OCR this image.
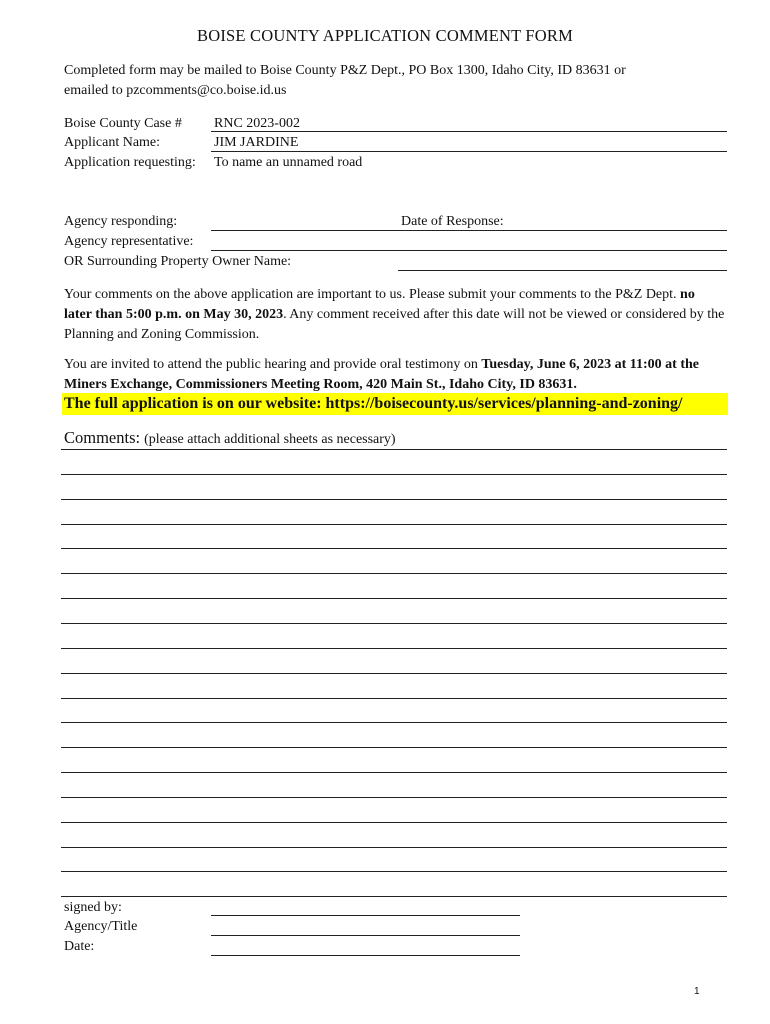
BOISE COUNTY APPLICATION COMMENT FORM
Completed form may be mailed to Boise County P&Z Dept., PO Box 1300, Idaho City, ID 83631 or
emailed to pzcomments@co.boise.id.us
Boise County Case # RNC 2023-002
Applicant Name:	JIM JARDINE
Application requesting: To name an unnamed road
Agency responding:	Date of Response:
Agency representative:
OR Surrounding Property Owner Name:
Your comments on the above application are important to us. Please submit your comments to the P&Z Dept. no later than 5:00 p.m. on May 30, 2023. Any comment received after this date will not be viewed or considered by the Planning and Zoning Commission.
You are invited to attend the public hearing and provide oral testimony on Tuesday, June 6, 2023 at 11:00 at the Miners Exchange, Commissioners Meeting Room, 420 Main St., Idaho City, ID 83631.
The full application is on our website: https://boisecounty.us/services/planning-and-zoning/
Comments: (please attach additional sheets as necessary)
signed by:
Agency/Title
Date:
1
